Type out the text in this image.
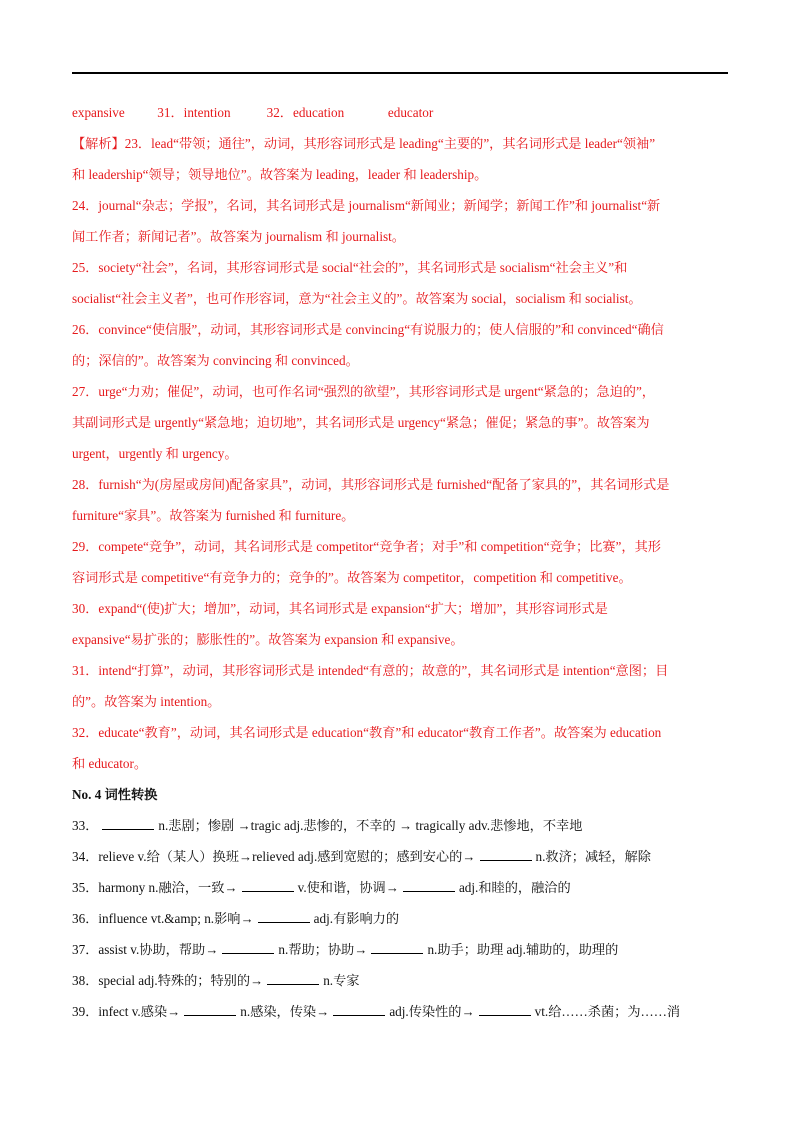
expansive 31．intention	32．education	educator
【解析】23．lead“带领；通往”，动词，其形容词形式是 leading“主要的”，其名词形式是 leader“领袖”
和 leadership“领导；领导地位”。故答案为 leading，leader 和 leadership。
24．journal“杂志；学报”，名词，其名词形式是 journalism“新闻业；新闻学；新闻工作”和 journalist“新
闻工作者；新闻记者”。故答案为 journalism 和 journalist。
25．society“社会”，名词，其形容词形式是 social“社会的”，其名词形式是 socialism“社会主义”和
socialist“社会主义者”，也可作形容词，意为“社会主义的”。故答案为 social，socialism 和 socialist。
26．convince“使信服”，动词，其形容词形式是 convincing“有说服力的；使人信服的”和 convinced“确信
的；深信的”。故答案为 convincing 和 convinced。
27．urge“力劝；催促”，动词，也可作名词“强烈的欲望”，其形容词形式是 urgent“紧急的；急迫的”，
其副词形式是 urgently“紧急地；迫切地”，其名词形式是 urgency“紧急；催促；紧急的事”。故答案为
urgent，urgently 和 urgency。
28．furnish“为(房屋或房间)配备家具”，动词，其形容词形式是 furnished“配备了家具的”，其名词形式是
furniture“家具”。故答案为 furnished 和 furniture。
29．compete“竞争”，动词，其名词形式是 competitor“竞争者；对手”和 competition“竞争；比赛”，其形
容词形式是 competitive“有竞争力的；竞争的”。故答案为 competitor，competition 和 competitive。
30．expand“(使)扩大；增加”，动词，其名词形式是 expansion“扩大；增加”，其形容词形式是
expansive“易扩张的；膨胀性的”。故答案为 expansion 和 expansive。
31．intend“打算”，动词，其形容词形式是 intended“有意的；故意的”，其名词形式是 intention“意图；目
的”。故答案为 intention。
32．educate“教育”，动词，其名词形式是 education“教育”和 educator“教育工作者”。故答案为 education
和 educator。
No. 4 词性转换
33．	n.悲剧；惨剧 →tragic adj.悲惨的，不幸的 → tragically adv.悲惨地，不幸地
34．relieve v.给（某人）换班→relieved adj.感到宽慰的；感到安心的→	n.救济；减轻，解除
35．harmony n.融洽，一致→	v.使和谐，协调→	adj.和睦的，融洽的
36．influence vt.&amp; n.影响→	adj.有影响力的
37．assist v.协助，帮助→	n.帮助；协助→	n.助手；助理 adj.辅助的，助理的
38．special adj.特殊的；特别的→	n.专家
39．infect v.感染→	n.感染，传染→	adj.传染性的→	vt.给……杀菌；为……消
